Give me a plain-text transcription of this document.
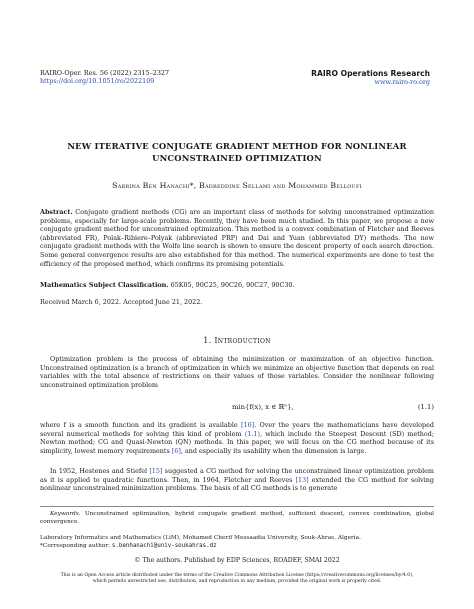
RAIRO-Oper. Res. 56 (2022) 2315–2327
https://doi.org/10.1051/ro/2022109
RAIRO Operations Research
www.rairo-ro.org
NEW ITERATIVE CONJUGATE GRADIENT METHOD FOR NONLINEAR
UNCONSTRAINED OPTIMIZATION
Sabrina Ben Hanachi*, Badreddine Sellami and Mohammed Belloufi
Abstract. Conjugate gradient methods (CG) are an important class of methods for solving unconstrained optimization problems, especially for large-scale problems. Recently, they have been much studied. In this paper, we propose a new conjugate gradient method for unconstrained optimization. This method is a convex combination of Fletcher and Reeves (abbreviated FR), Polak–Ribiere–Polyak (abbreviated PRP) and Dai and Yuan (abbreviated DY) methods. The new conjugate gradient methods with the Wolfe line search is shown to ensure the descent property of each search direction. Some general convergence results are also established for this method. The numerical experiments are done to test the efficiency of the proposed method, which confirms its promising potentials.
Mathematics Subject Classification. 65K05, 90C25, 90C26, 90C27, 90C30.
Received March 6, 2022. Accepted June 21, 2022.
1. Introduction
Optimization problem is the process of obtaining the minimization or maximization of an objective function. Unconstrained optimization is a branch of optimization in which we minimize an objective function that depends on real variables with the total absence of restrictions on their values of those variables. Consider the nonlinear following unconstrained optimization problem
min{f(x), x ∈ ℝⁿ},	(1.1)
where f is a smooth function and its gradient is available [16]. Over the years the mathematicians have developed several numerical methods for solving this kind of problem (1.1), which include the Steepest Descent (SD) method; Newton method; CG and Quasi-Newton (QN) methods. In this paper, we will focus on the CG method because of its simplicity, lowest memory requirements [6], and especially its usability when the dimension is large.
In 1952, Hestenes and Stiefel [15] suggested a CG method for solving the unconstrained linear optimization problem as it is applied to quadratic functions. Then, in 1964, Fletcher and Reeves [13] extended the CG method for solving nonlinear unconstrained minimization problems. The basis of all CG methods is to generate
Keywords. Unconstrained optimization, hybrid conjugate gradient method, sufficient descent, convex combination, global convergence.
Laboratory Informatics and Mathematics (LiM), Mohamed Cherif Messaadia University, Souk-Ahras, Algeria.
*Corresponding author: s.benhanachi@univ-soukahras.dz
© The authors. Published by EDP Sciences, ROADEF, SMAI 2022
This is an Open Access article distributed under the terms of the Creative Commons Attribution License (https://creativecommons.org/licenses/by/4.0),
which permits unrestricted use, distribution, and reproduction in any medium, provided the original work is properly cited.
